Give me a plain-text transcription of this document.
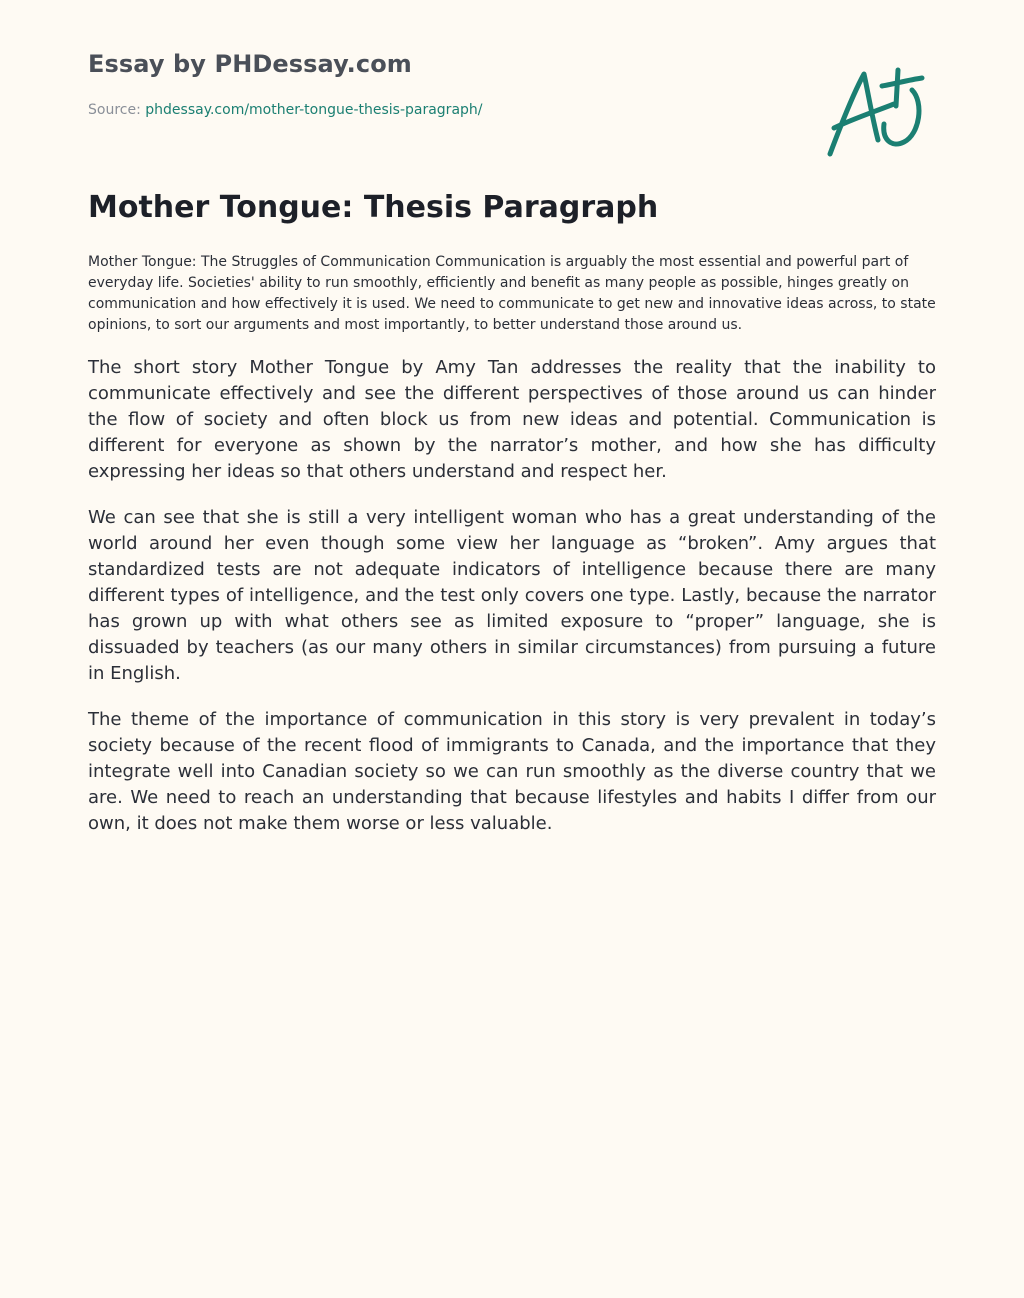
Essay by PHDessay.com
Source: phdessay.com/mother-tongue-thesis-paragraph/
Mother Tongue: Thesis Paragraph

Mother Tongue: The Struggles of Communication Communication is arguably the most essential and powerful part of everyday life. Societies' ability to run smoothly, efficiently and benefit as many people as possible, hinges greatly on communication and how effectively it is used. We need to communicate to get new and innovative ideas across, to state opinions, to sort our arguments and most importantly, to better understand those around us.

The short story Mother Tongue by Amy Tan addresses the reality that the inability to communicate effectively and see the different perspectives of those around us can hinder the flow of society and often block us from new ideas and potential. Communication is different for everyone as shown by the narrator’s mother, and how she has difficulty expressing her ideas so that others understand and respect her.

We can see that she is still a very intelligent woman who has a great understanding of the world around her even though some view her language as “broken”. Amy argues that standardized tests are not adequate indicators of intelligence because there are many different types of intelligence, and the test only covers one type. Lastly, because the narrator has grown up with what others see as limited exposure to “proper” language, she is dissuaded by teachers (as our many others in similar circumstances) from pursuing a future in English.

The theme of the importance of communication in this story is very prevalent in today’s society because of the recent flood of immigrants to Canada, and the importance that they integrate well into Canadian society so we can run smoothly as the diverse country that we are. We need to reach an understanding that because lifestyles and habits I differ from our own, it does not make them worse or less valuable.
